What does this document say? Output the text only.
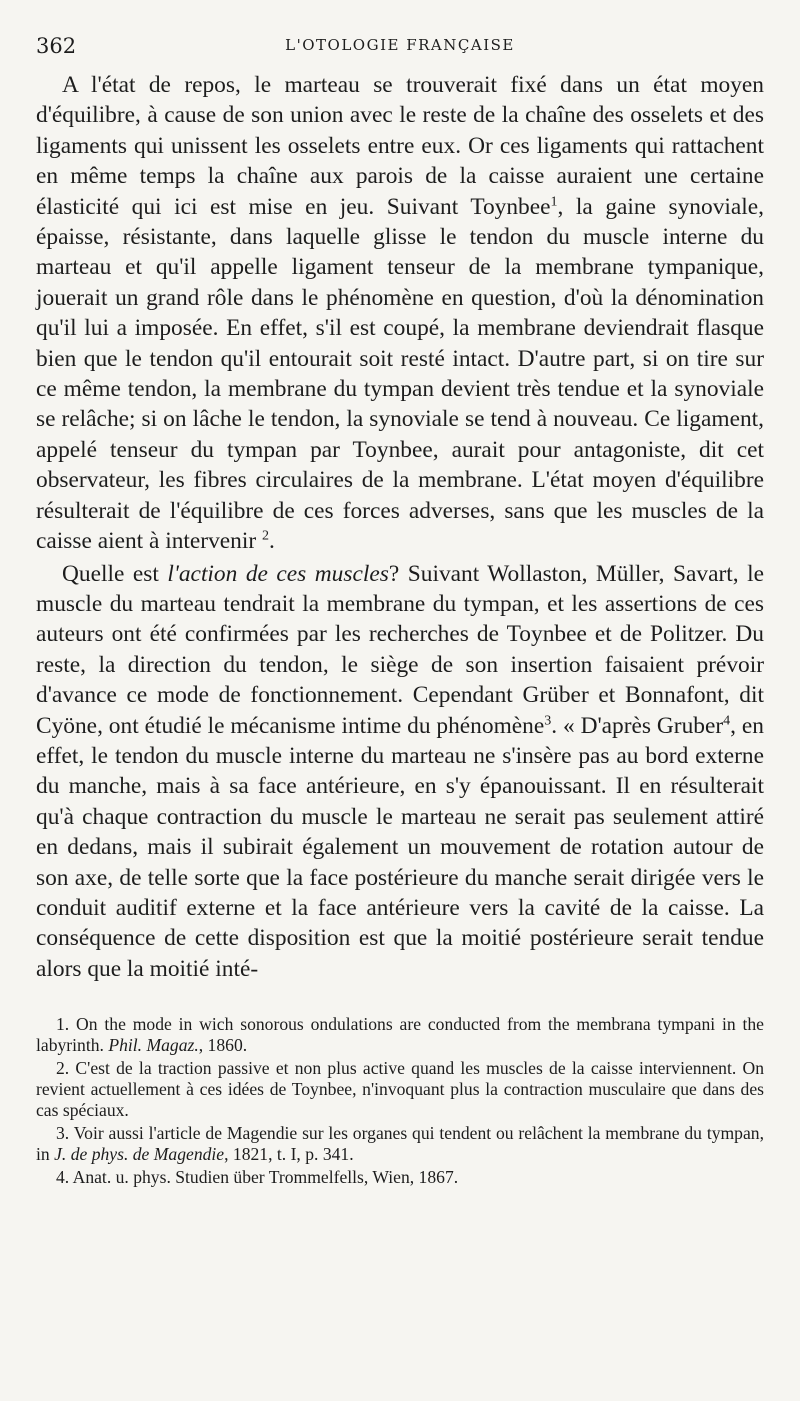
362	L'OTOLOGIE FRANÇAISE

A l'état de repos, le marteau se trouverait fixé dans un état moyen d'équilibre, à cause de son union avec le reste de la chaîne des osselets et des ligaments qui unissent les osselets entre eux. Or ces ligaments qui rattachent en même temps la chaîne aux parois de la caisse auraient une certaine élasticité qui ici est mise en jeu. Suivant Toynbee$^1$, la gaine synoviale, épaisse, résistante, dans laquelle glisse le tendon du muscle interne du marteau et qu'il appelle ligament tenseur de la membrane tympanique, jouerait un grand rôle dans le phénomène en question, d'où la dénomination qu'il lui a imposée. En effet, s'il est coupé, la membrane deviendrait flasque bien que le tendon qu'il entourait soit resté intact. D'autre part, si on tire sur ce même tendon, la membrane du tympan devient très tendue et la synoviale se relâche; si on lâche le tendon, la synoviale se tend à nouveau. Ce ligament, appelé tenseur du tympan par Toynbee, aurait pour antagoniste, dit cet observateur, les fibres circulaires de la membrane. L'état moyen d'équilibre résulterait de l'équilibre de ces forces adverses, sans que les muscles de la caisse aient à intervenir $^2$.

Quelle est l'action de ces muscles? Suivant Wollaston, Müller, Savart, le muscle du marteau tendrait la membrane du tympan, et les assertions de ces auteurs ont été confirmées par les recherches de Toynbee et de Politzer. Du reste, la direction du tendon, le siège de son insertion faisaient prévoir d'avance ce mode de fonctionnement. Cependant Grüber et Bonnafont, dit Cyöne, ont étudié le mécanisme intime du phénomène$^3$. « D'après Gruber$^4$, en effet, le tendon du muscle interne du marteau ne s'insère pas au bord externe du manche, mais à sa face antérieure, en s'y épanouissant. Il en résulterait qu'à chaque contraction du muscle le marteau ne serait pas seulement attiré en dedans, mais il subirait également un mouvement de rotation autour de son axe, de telle sorte que la face postérieure du manche serait dirigée vers le conduit auditif externe et la face antérieure vers la cavité de la caisse. La conséquence de cette disposition est que la moitié postérieure serait tendue alors que la moitié inté-

1. On the mode in wich sonorous ondulations are conducted from the membrana tympani in the labyrinth. Phil. Magaz., 1860.

2. C'est de la traction passive et non plus active quand les muscles de la caisse interviennent. On revient actuellement à ces idées de Toynbee, n'invoquant plus la contraction musculaire que dans des cas spéciaux.

3. Voir aussi l'article de Magendie sur les organes qui tendent ou relâchent la membrane du tympan, in J. de phys. de Magendie, 1821, t. I, p. 341.

4. Anat. u. phys. Studien über Trommelfells, Wien, 1867.
